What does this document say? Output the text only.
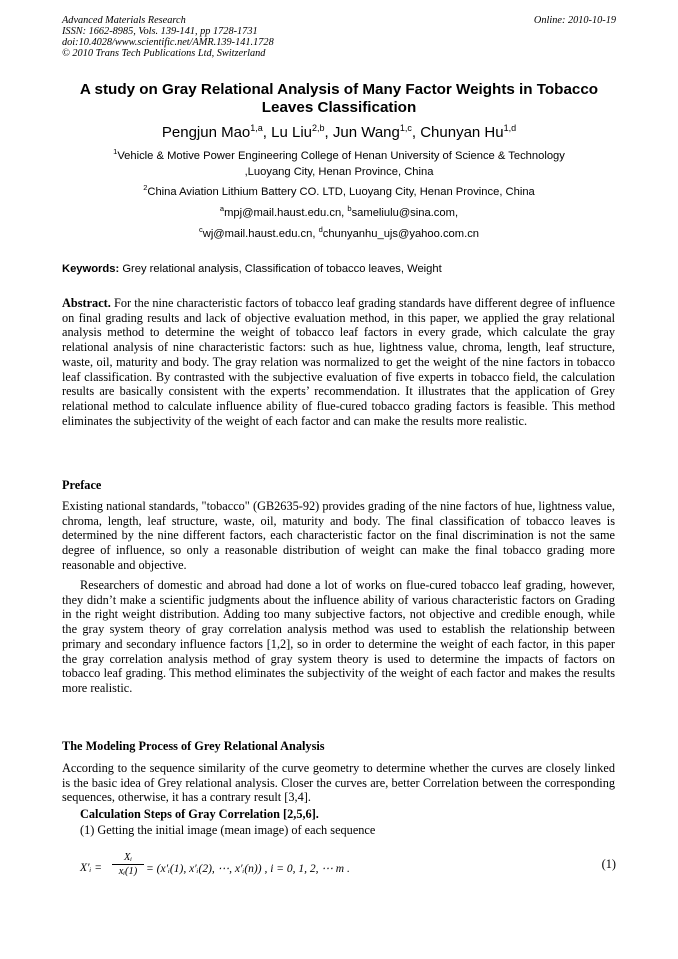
Advanced Materials Research
ISSN: 1662-8985, Vols. 139-141, pp 1728-1731
doi:10.4028/www.scientific.net/AMR.139-141.1728
© 2010 Trans Tech Publications Ltd, Switzerland
Online: 2010-10-19
A study on Gray Relational Analysis of Many Factor Weights in Tobacco Leaves Classification
Pengjun Mao$^{1,a}$, Lu Liu$^{2,b}$, Jun Wang$^{1,c}$, Chunyan Hu$^{1,d}$
$^1$Vehicle & Motive Power Engineering College of Henan University of Science & Technology ,Luoyang City, Henan Province, China
$^2$China Aviation Lithium Battery CO. LTD, Luoyang City, Henan Province, China
$^a$mpj@mail.haust.edu.cn, $^b$sameliulu@sina.com,
$^c$wj@mail.haust.edu.cn, $^d$chunyanhu_ujs@yahoo.com.cn
Keywords: Grey relational analysis, Classification of tobacco leaves, Weight
Abstract. For the nine characteristic factors of tobacco leaf grading standards have different degree of influence on final grading results and lack of objective evaluation method, in this paper, we applied the gray relational analysis method to determine the weight of tobacco leaf factors in every grade, which calculate the gray relational analysis of nine characteristic factors: such as hue, lightness value, chroma, length, leaf structure, waste, oil, maturity and body. The gray relation was normalized to get the weight of the nine factors in tobacco leaf classification. By contrasted with the subjective evaluation of five experts in tobacco field, the calculation results are basically consistent with the experts’ recommendation. It illustrates that the application of Grey relational method to calculate influence ability of flue-cured tobacco grading factors is feasible. This method eliminates the subjectivity of the weight of each factor and can make the results more realistic.
Preface
Existing national standards, "tobacco" (GB2635-92) provides grading of the nine factors of hue, lightness value, chroma, length, leaf structure, waste, oil, maturity and body. The final classification of tobacco leaves is determined by the nine different factors, each characteristic factor on the final discrimination is not the same degree of influence, so only a reasonable distribution of weight can make the final tobacco grading more reasonable and objective.
Researchers of domestic and abroad had done a lot of works on flue-cured tobacco leaf grading, however, they didn’t make a scientific judgments about the influence ability of various characteristic factors on Grading in the right weight distribution. Adding too many subjective factors, not objective and credible enough, while the gray system theory of gray correlation analysis method was used to establish the relationship between primary and secondary influence factors [1,2], so in order to determine the weight of each factor, in this paper the gray correlation analysis method of gray system theory is used to determine the impacts of factors on tobacco leaf grading. This method eliminates the subjectivity of the weight of each factor and makes the results more realistic.
The Modeling Process of Grey Relational Analysis
According to the sequence similarity of the curve geometry to determine whether the curves are closely linked is the basic idea of Grey relational analysis. Closer the curves are, better Correlation between the corresponding sequences, otherwise, it has a contrary result [3,4].
Calculation Steps of Gray Correlation [2,5,6].
(1) Getting the initial image (mean image) of each sequence
X′ᵢ = $\frac{\text{Xᵢ}}{\text{xᵢ(1)}}$ = (x′ᵢ(1), x′ᵢ(2), ⋯, x′ᵢ(n)) , i = 0, 1, 2, ⋯ m .	(1)
